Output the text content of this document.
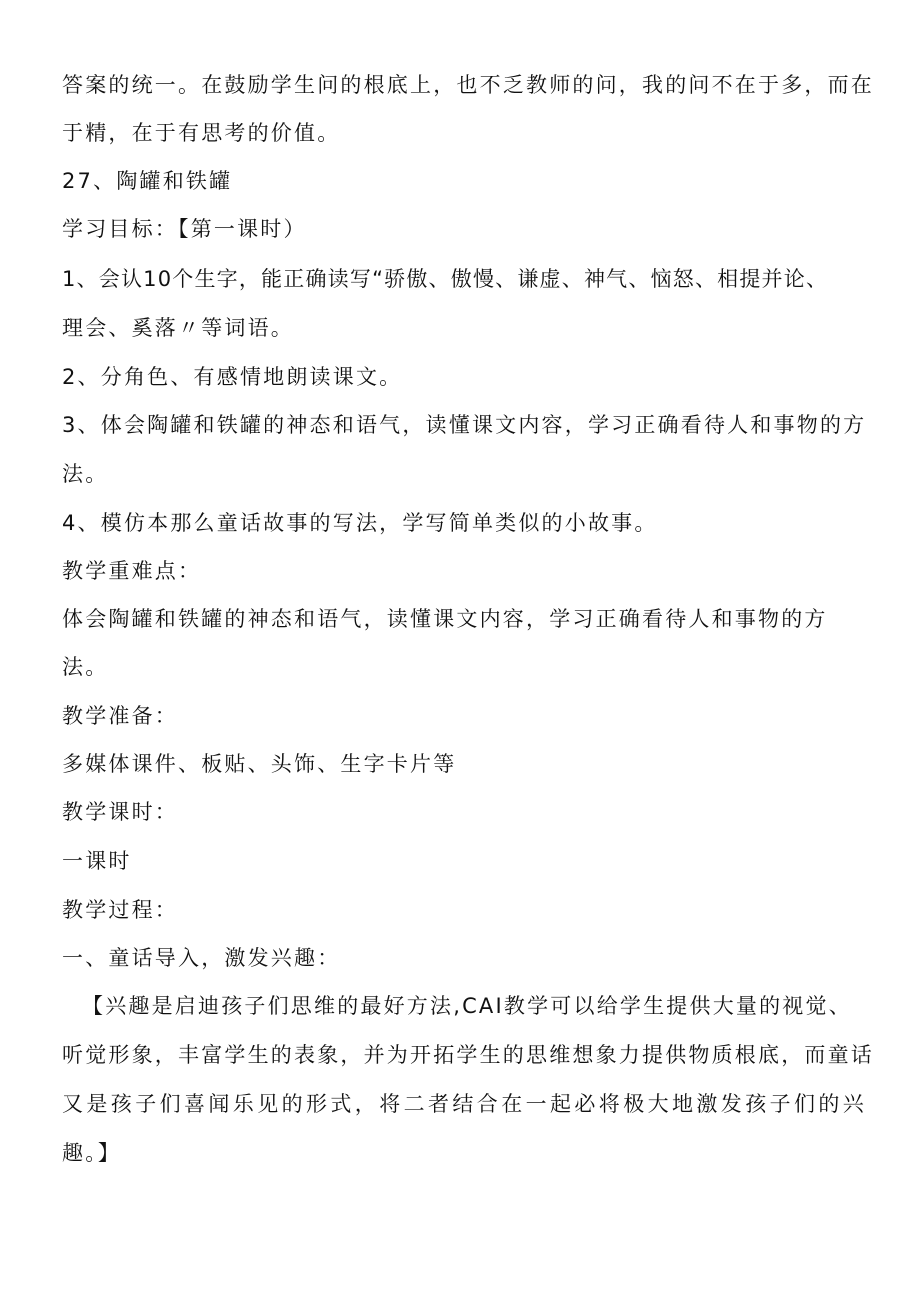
答案的统一。在鼓励学生问的根底上，也不乏教师的问，我的问不在于多，而在
于精，在于有思考的价值。
27、陶罐和铁罐
学习目标：【第一课时）
1、会认10个生字，能正确读写“骄傲、傲慢、谦虚、神气、恼怒、相提并论、
理会、奚落〃等词语。
2、分角色、有感情地朗读课文。
3、体会陶罐和铁罐的神态和语气，读懂课文内容，学习正确看待人和事物的方
法。
4、模仿本那么童话故事的写法，学写简单类似的小故事。
教学重难点：
体会陶罐和铁罐的神态和语气，读懂课文内容，学习正确看待人和事物的方
法。
教学准备：
多媒体课件、板贴、头饰、生字卡片等
教学课时：
一课时
教学过程：
一、童话导入，激发兴趣：
【兴趣是启迪孩子们思维的最好方法,CAI教学可以给学生提供大量的视觉、
听觉形象，丰富学生的表象，并为开拓学生的思维想象力提供物质根底，而童话
又是孩子们喜闻乐见的形式，将二者结合在一起必将极大地激发孩子们的兴
趣。】
